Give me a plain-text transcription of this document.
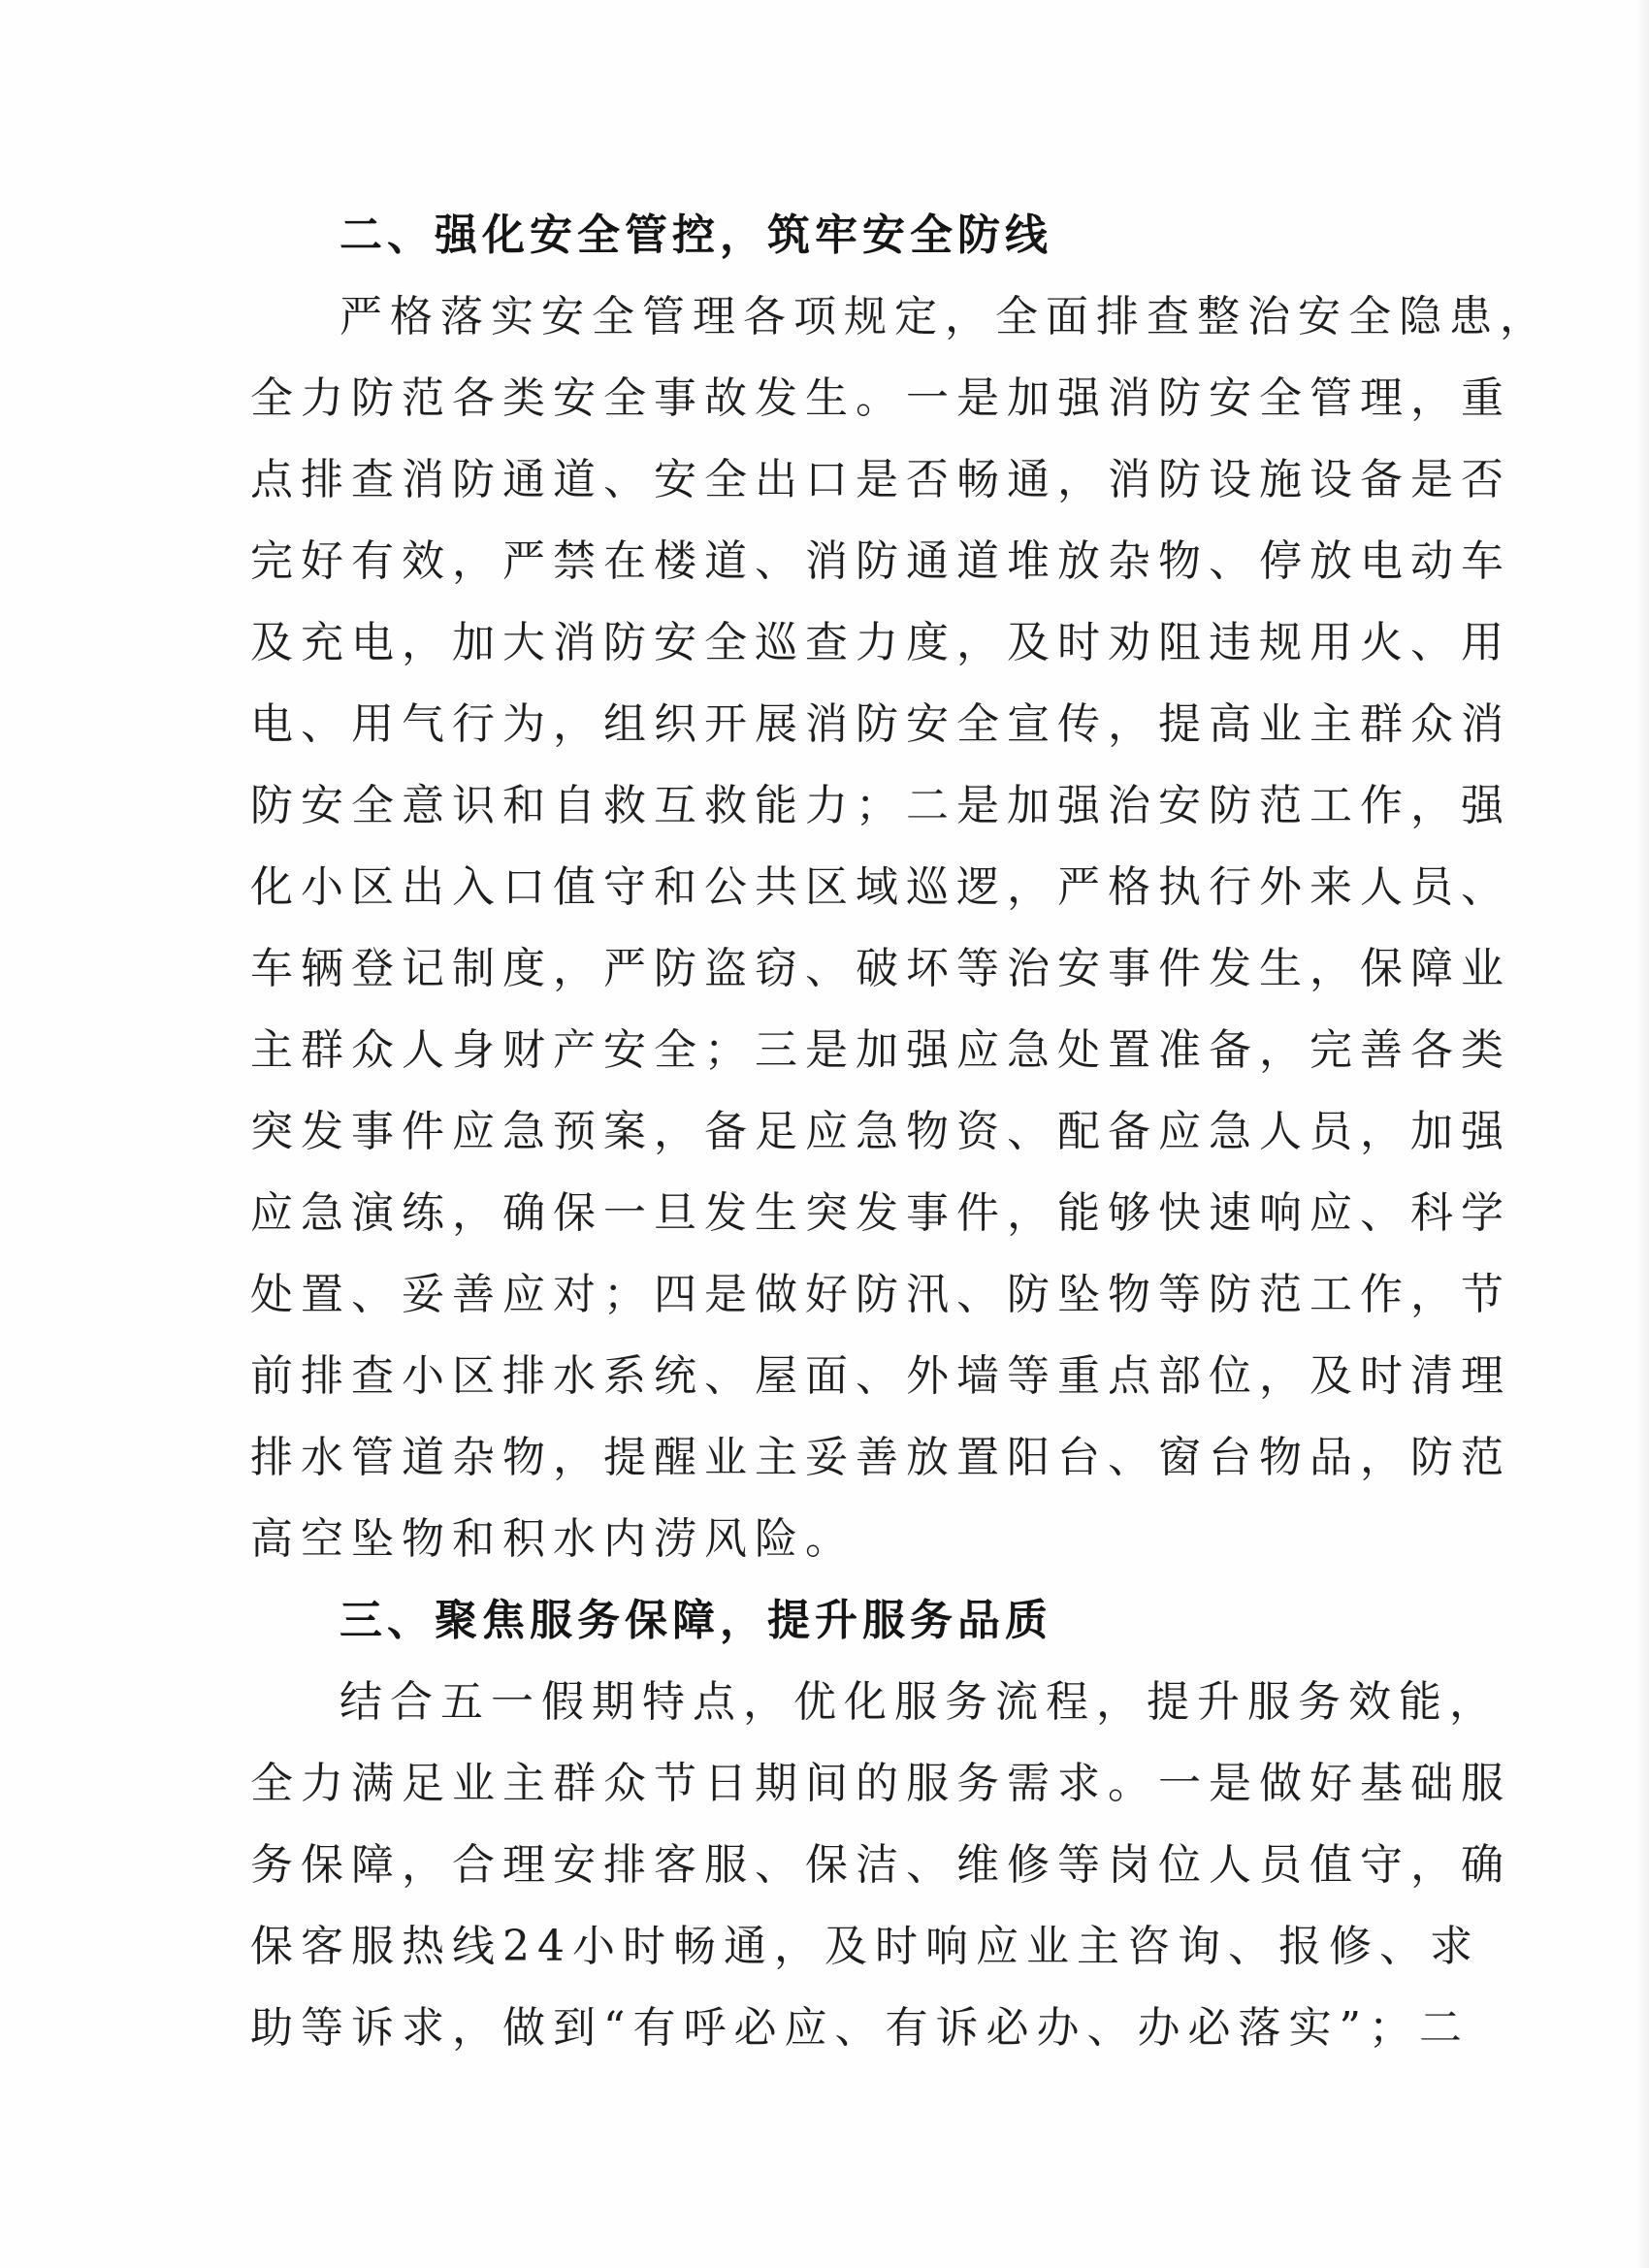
二、强化安全管控，筑牢安全防线
严格落实安全管理各项规定，全面排查整治安全隐患，
全力防范各类安全事故发生。一是加强消防安全管理，重
点排查消防通道、安全出口是否畅通，消防设施设备是否
完好有效，严禁在楼道、消防通道堆放杂物、停放电动车
及充电，加大消防安全巡查力度，及时劝阻违规用火、用
电、用气行为，组织开展消防安全宣传，提高业主群众消
防安全意识和自救互救能力；二是加强治安防范工作，强
化小区出入口值守和公共区域巡逻，严格执行外来人员、
车辆登记制度，严防盗窃、破坏等治安事件发生，保障业
主群众人身财产安全；三是加强应急处置准备，完善各类
突发事件应急预案，备足应急物资、配备应急人员，加强
应急演练，确保一旦发生突发事件，能够快速响应、科学
处置、妥善应对；四是做好防汛、防坠物等防范工作，节
前排查小区排水系统、屋面、外墙等重点部位，及时清理
排水管道杂物，提醒业主妥善放置阳台、窗台物品，防范
高空坠物和积水内涝风险。
三、聚焦服务保障，提升服务品质
结合五一假期特点，优化服务流程，提升服务效能，
全力满足业主群众节日期间的服务需求。一是做好基础服
务保障，合理安排客服、保洁、维修等岗位人员值守，确
保客服热线24小时畅通，及时响应业主咨询、报修、求
助等诉求，做到“有呼必应、有诉必办、办必落实”；二
